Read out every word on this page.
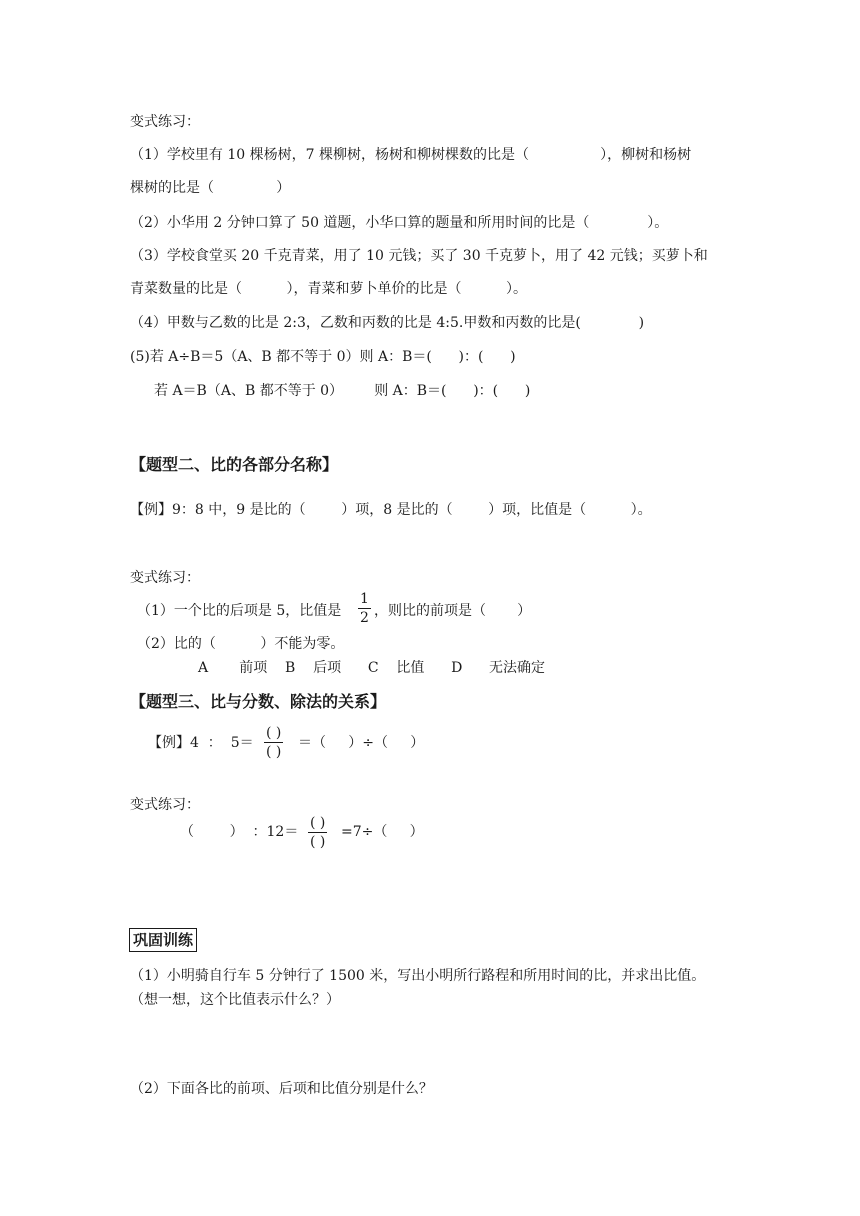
变式练习：
（1）学校里有 10 棵杨树，7 棵柳树，杨树和柳树棵数的比是（                ），柳树和杨树
棵树的比是（              ）
（2）小华用 2 分钟口算了 50 道题，小华口算的题量和所用时间的比是（             ）。
（3）学校食堂买 20 千克青菜，用了 10 元钱；买了 30 千克萝卜，用了 42 元钱；买萝卜和
青菜数量的比是（          ），青菜和萝卜单价的比是（          ）。
（4）甲数与乙数的比是 2:3，乙数和丙数的比是 4:5.甲数和丙数的比是(             )
(5)若 A÷B＝5（A、B 都不等于 0）则 A：B＝(      )：(      )
若 A＝B（A、B 都不等于 0）       则 A：B＝(      )：(      )
【题型二、比的各部分名称】
【例】9：8 中，9 是比的（        ）项，8 是比的（        ）项，比值是（          ）。
变式练习：
（1）一个比的后项是 5，比值是 $\frac{1}{2}$ ，则比的前项是（       ）
（2）比的（          ）不能为零。
A       前项    B    后项      C    比值      D      无法确定
【题型三、比与分数、除法的关系】
【例】4  ：  5＝
( )
( )
＝（     ）÷（     ）
变式练习：
（        ）  ：12＝
( )
( )
=7÷（     ）
巩固训练
（1）小明骑自行车 5 分钟行了 1500 米，写出小明所行路程和所用时间的比，并求出比值。
（想一想，这个比值表示什么？）
（2）下面各比的前项、后项和比值分别是什么？
